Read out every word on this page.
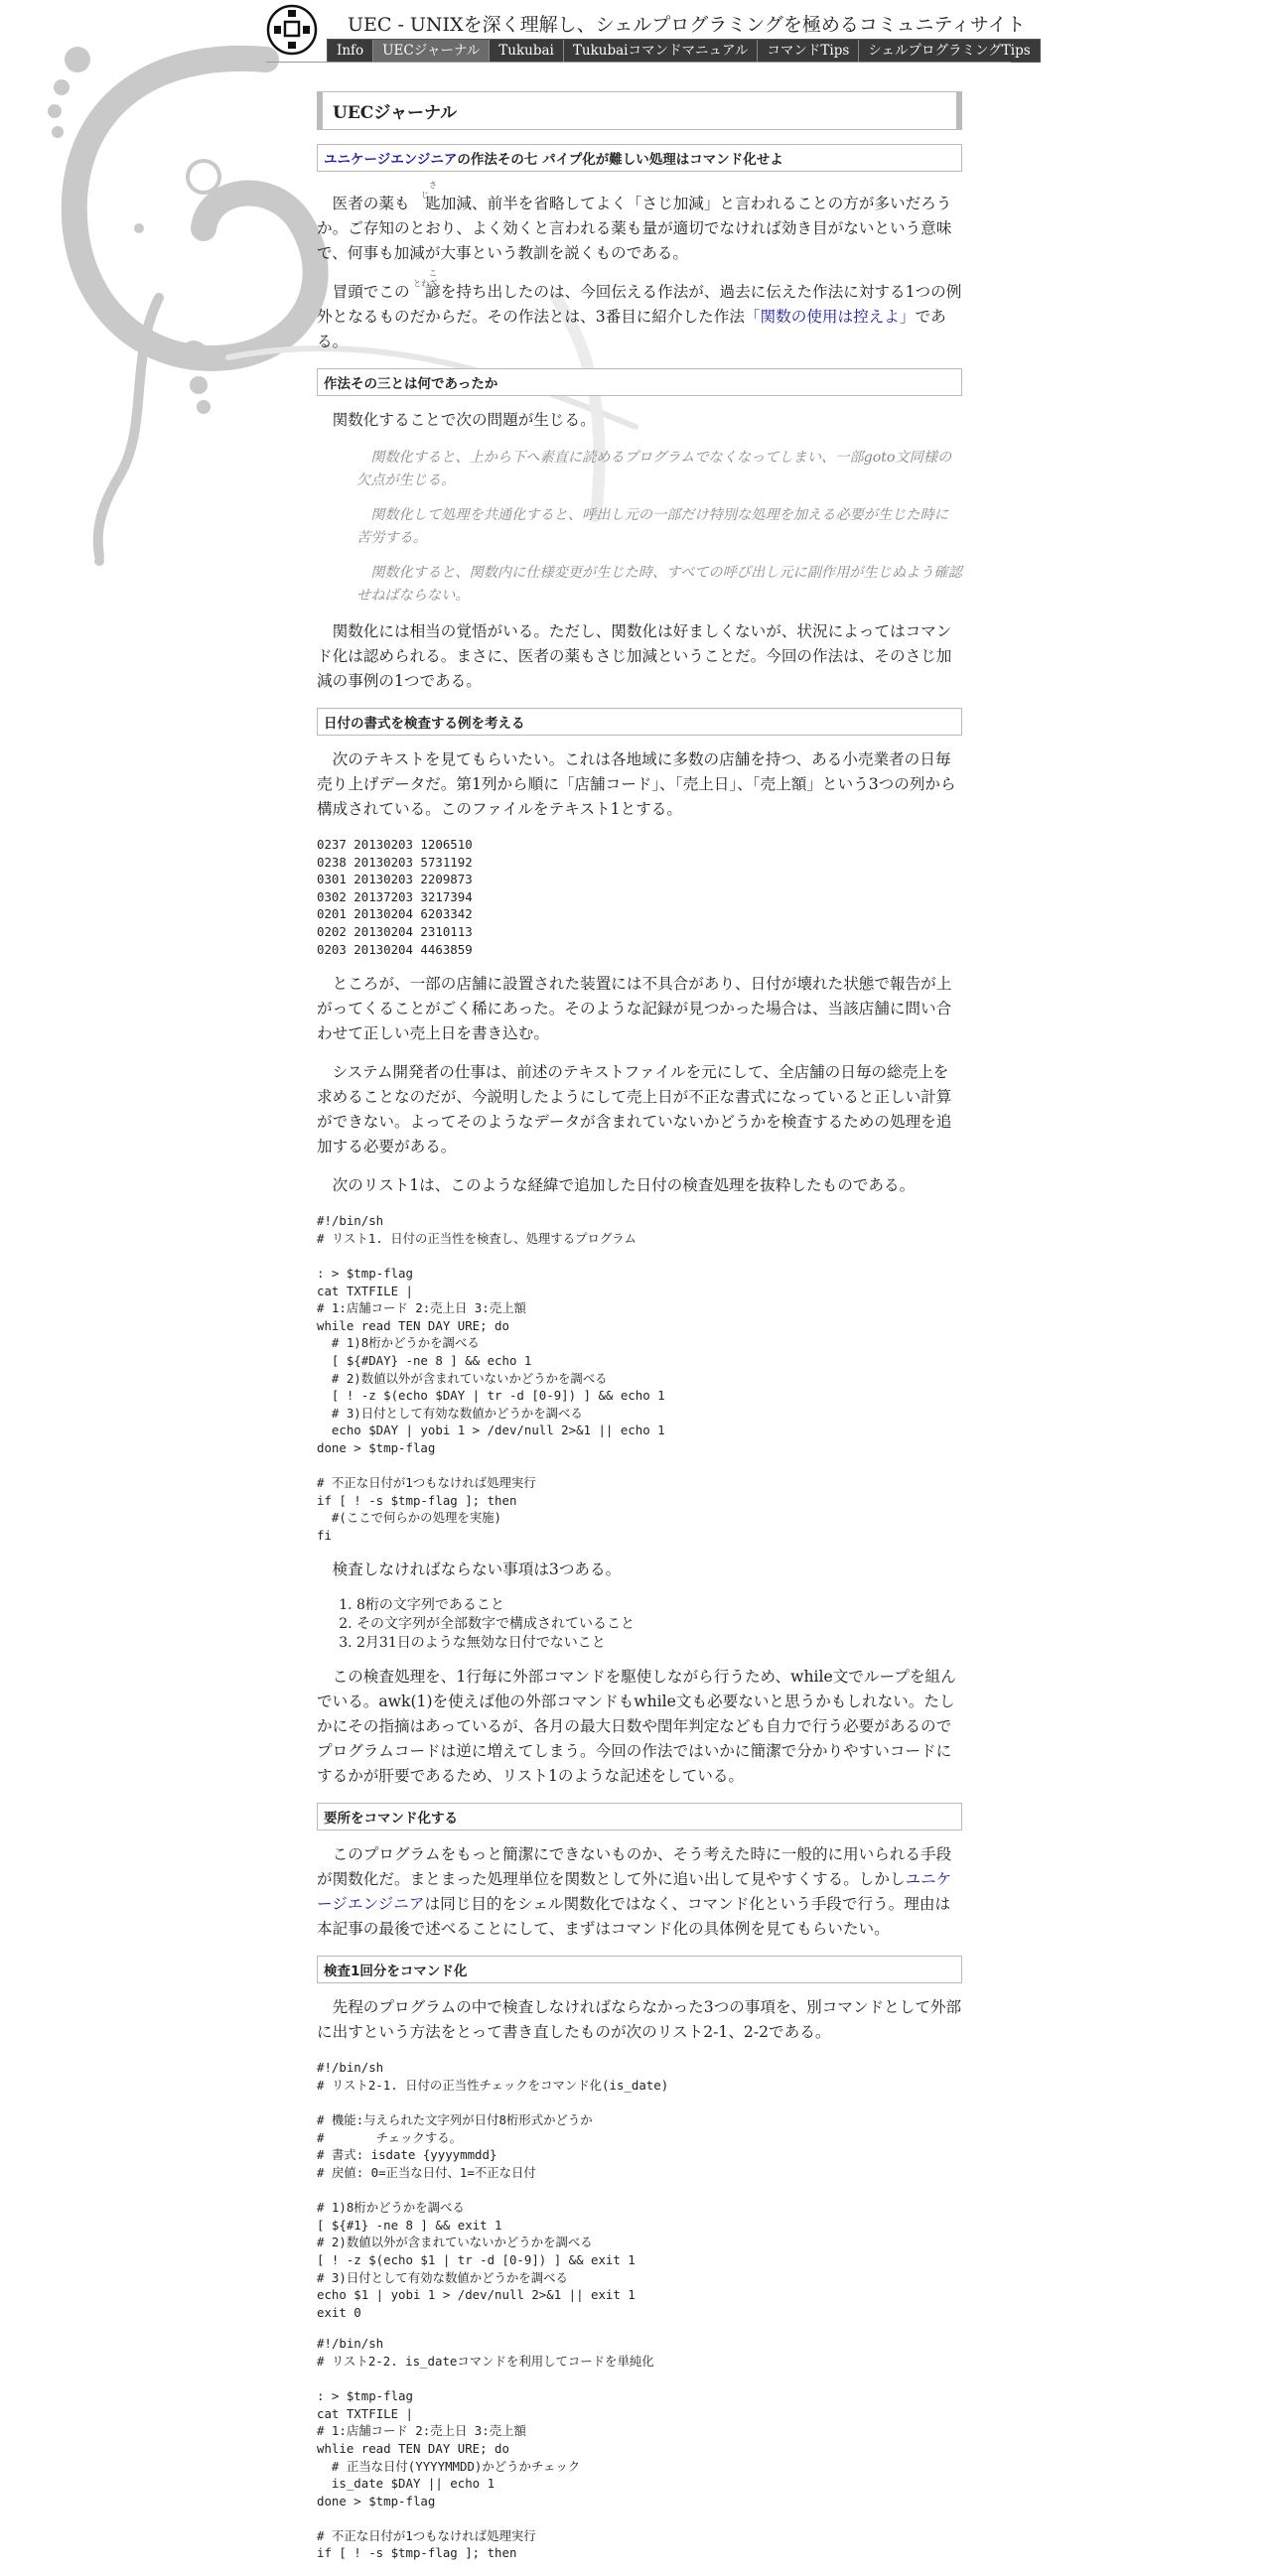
UEC - UNIXを深く理解し、シェルプログラミングを極めるコミュニティサイト
Info	UECジャーナル	Tukubai	Tukubaiコマンドマニュアル	コマンドTips	シェルプログラミングTips
UECジャーナル
ユニケージエンジニアの作法その七 パイプ化が難しい処理はコマンド化せよ

医者の薬も
さじ
匙加減、前半を省略してよく「さじ加減」と言われることの方が多いだろうか。ご存知のとおり、よく効くと言われる薬も量が適切でなければ効き目がないという意味で、何事も加減が大事という教訓を説くものである。

冒頭でこの
ことわざ
諺を持ち出したのは、今回伝える作法が、過去に伝えた作法に対する1つの例外となるものだからだ。その作法とは、3番目に紹介した作法「関数の使用は控えよ」である。

作法その三とは何であったか

関数化することで次の問題が生じる。

関数化すると、上から下へ素直に読めるプログラムでなくなってしまい、一部goto文同様の欠点が生じる。

関数化して処理を共通化すると、呼出し元の一部だけ特別な処理を加える必要が生じた時に苦労する。

関数化すると、関数内に仕様変更が生じた時、すべての呼び出し元に副作用が生じぬよう確認せねばならない。

関数化には相当の覚悟がいる。ただし、関数化は好ましくないが、状況によってはコマンド化は認められる。まさに、医者の薬もさじ加減ということだ。今回の作法は、そのさじ加減の事例の1つである。

日付の書式を検査する例を考える

次のテキストを見てもらいたい。これは各地域に多数の店舗を持つ、ある小売業者の日毎売り上げデータだ。第1列から順に「店舗コード」、「売上日」、「売上額」という3つの列から構成されている。このファイルをテキスト1とする。

0237 20130203 1206510
0238 20130203 5731192
0301 20130203 2209873
0302 20137203 3217394
0201 20130204 6203342
0202 20130204 2310113
0203 20130204 4463859

ところが、一部の店舗に設置された装置には不具合があり、日付が壊れた状態で報告が上がってくることがごく稀にあった。そのような記録が見つかった場合は、当該店舗に問い合わせて正しい売上日を書き込む。

システム開発者の仕事は、前述のテキストファイルを元にして、全店舗の日毎の総売上を求めることなのだが、今説明したようにして売上日が不正な書式になっていると正しい計算ができない。よってそのようなデータが含まれていないかどうかを検査するための処理を追加する必要がある。

次のリスト1は、このような経緯で追加した日付の検査処理を抜粋したものである。

#!/bin/sh
# リスト1. 日付の正当性を検査し、処理するプログラム

: > $tmp-flag
cat TXTFILE |
# 1:店舗コード 2:売上日 3:売上額
while read TEN DAY URE; do
# 1)8桁かどうかを調べる
[ ${#DAY} -ne 8 ] && echo 1
# 2)数値以外が含まれていないかどうかを調べる
[ ! -z $(echo $DAY | tr -d [0-9]) ] && echo 1
# 3)日付として有効な数値かどうかを調べる
echo $DAY | yobi 1 > /dev/null 2>&1 || echo 1
done > $tmp-flag

# 不正な日付が1つもなければ処理実行
if [ ! -s $tmp-flag ]; then
#(ここで何らかの処理を実施)
fi

検査しなければならない事項は3つある。

1. 8桁の文字列であること
2. その文字列が全部数字で構成されていること
3. 2月31日のような無効な日付でないこと

この検査処理を、1行毎に外部コマンドを駆使しながら行うため、while文でループを組んでいる。awk(1)を使えば他の外部コマンドもwhile文も必要ないと思うかもしれない。たしかにその指摘はあっているが、各月の最大日数や閏年判定なども自力で行う必要があるのでプログラムコードは逆に増えてしまう。今回の作法ではいかに簡潔で分かりやすいコードにするかが肝要であるため、リスト1のような記述をしている。

要所をコマンド化する

このプログラムをもっと簡潔にできないものか、そう考えた時に一般的に用いられる手段が関数化だ。まとまった処理単位を関数として外に追い出して見やすくする。しかしユニケージエンジニアは同じ目的をシェル関数化ではなく、コマンド化という手段で行う。理由は本記事の最後で述べることにして、まずはコマンド化の具体例を見てもらいたい。

検査1回分をコマンド化

先程のプログラムの中で検査しなければならなかった3つの事項を、別コマンドとして外部に出すという方法をとって書き直したものが次のリスト2-1、2-2である。

#!/bin/sh
# リスト2-1. 日付の正当性チェックをコマンド化(is_date)

# 機能:与えられた文字列が日付8桁形式かどうか
#       チェックする。
# 書式: isdate {yyyymmdd}
# 戻値: 0=正当な日付、1=不正な日付

# 1)8桁かどうかを調べる
[ ${#1} -ne 8 ] && exit 1
# 2)数値以外が含まれていないかどうかを調べる
[ ! -z $(echo $1 | tr -d [0-9]) ] && exit 1
# 3)日付として有効な数値かどうかを調べる
echo $1 | yobi 1 > /dev/null 2>&1 || exit 1
exit 0
#!/bin/sh
# リスト2-2. is_dateコマンドを利用してコードを単純化

: > $tmp-flag
cat TXTFILE |
# 1:店舗コード 2:売上日 3:売上額
whlie read TEN DAY URE; do
# 正当な日付(YYYYMMDD)かどうかチェック
is_date $DAY || echo 1
done > $tmp-flag

# 不正な日付が1つもなければ処理実行
if [ ! -s $tmp-flag ]; then
